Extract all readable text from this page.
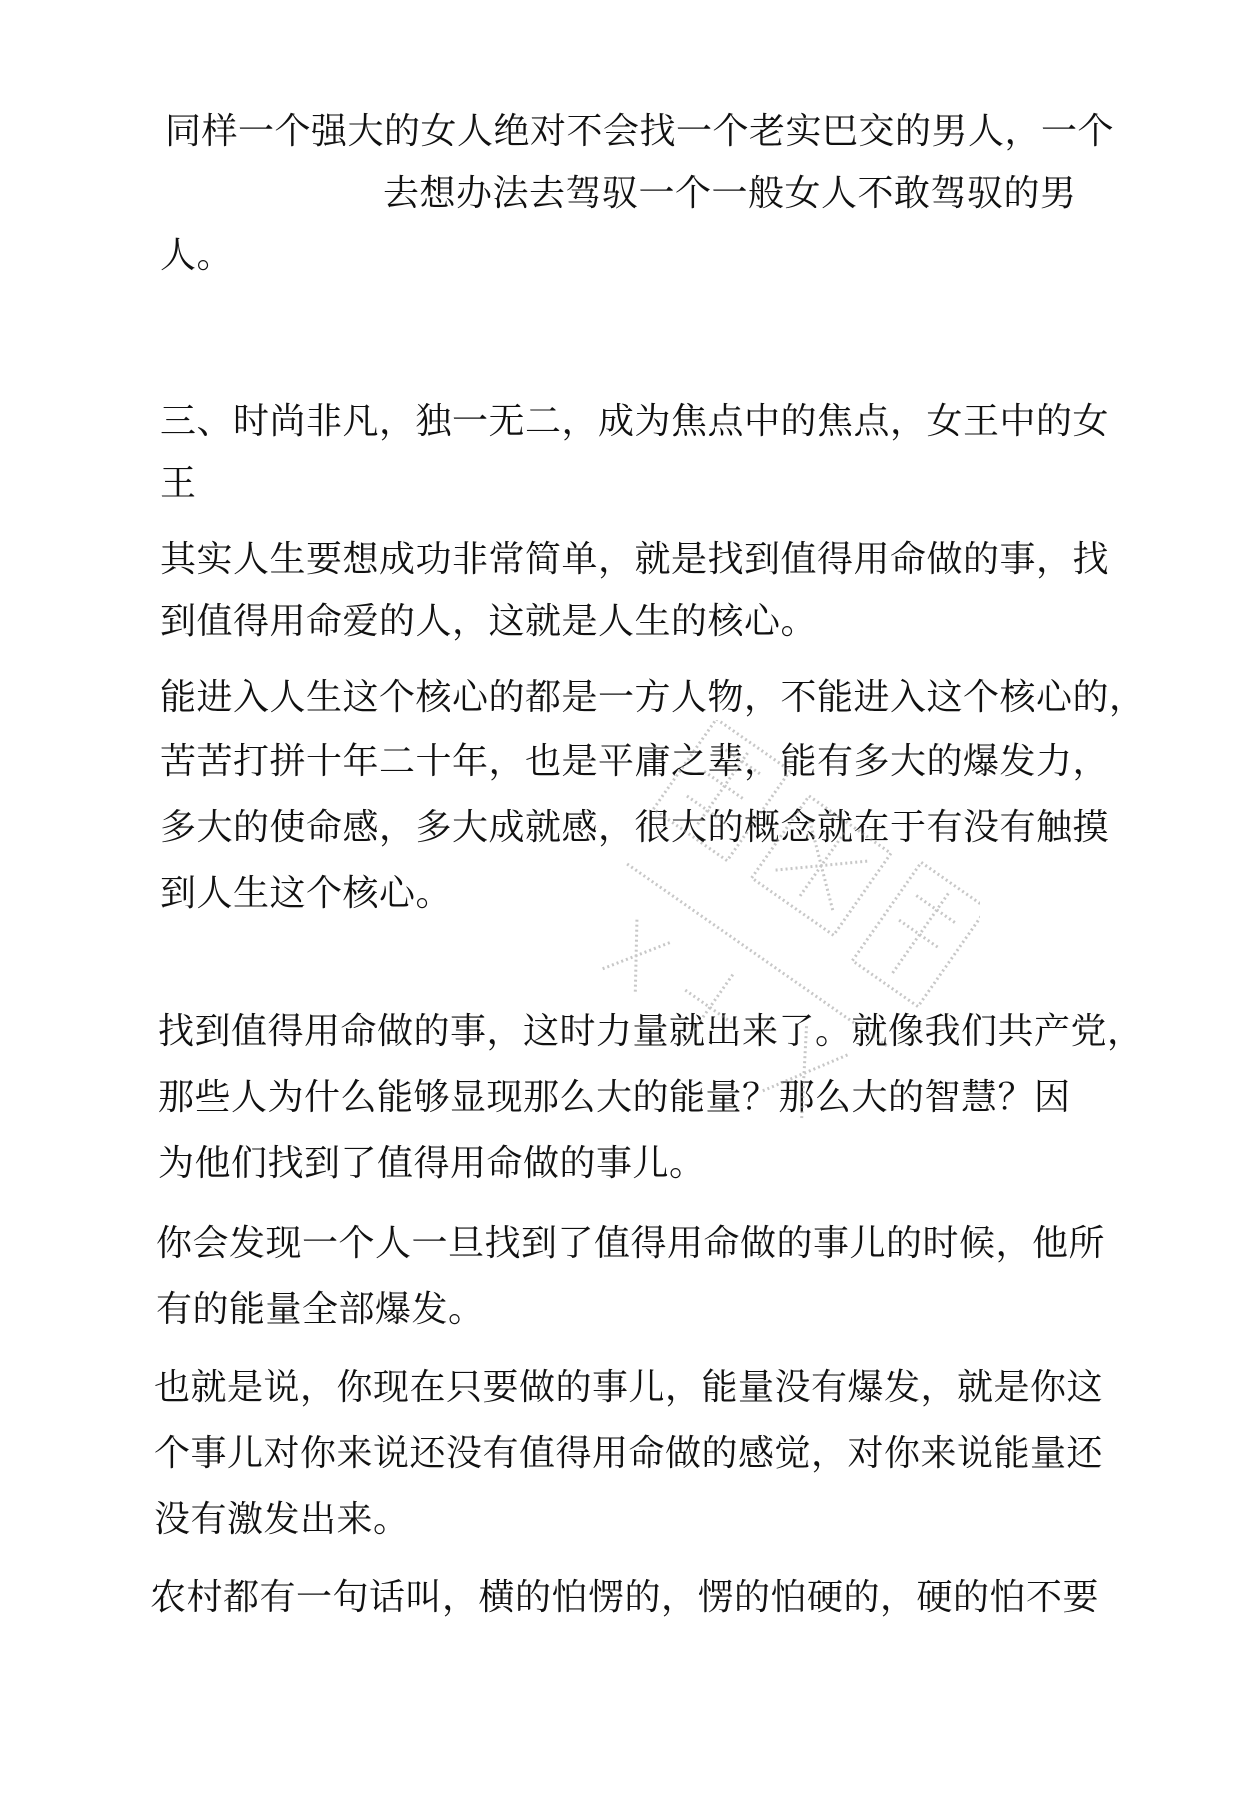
同样一个强大的女人绝对不会找一个老实巴交的男人，一个
去想办法去驾驭一个一般女人不敢驾驭的男
人。
三、时尚非凡，独一无二，成为焦点中的焦点，女王中的女
王
其实人生要想成功非常简单，就是找到值得用命做的事，找
到值得用命爱的人，这就是人生的核心。
能进入人生这个核心的都是一方人物，不能进入这个核心的，
苦苦打拼十年二十年，也是平庸之辈，能有多大的爆发力，
多大的使命感，多大成就感，很大的概念就在于有没有触摸
到人生这个核心。
找到值得用命做的事，这时力量就出来了。就像我们共产党，
那些人为什么能够显现那么大的能量？那么大的智慧？因
为他们找到了值得用命做的事儿。
你会发现一个人一旦找到了值得用命做的事儿的时候，他所
有的能量全部爆发。
也就是说，你现在只要做的事儿，能量没有爆发，就是你这
个事儿对你来说还没有值得用命做的感觉，对你来说能量还
没有激发出来。
农村都有一句话叫，横的怕愣的，愣的怕硬的，硬的怕不要
